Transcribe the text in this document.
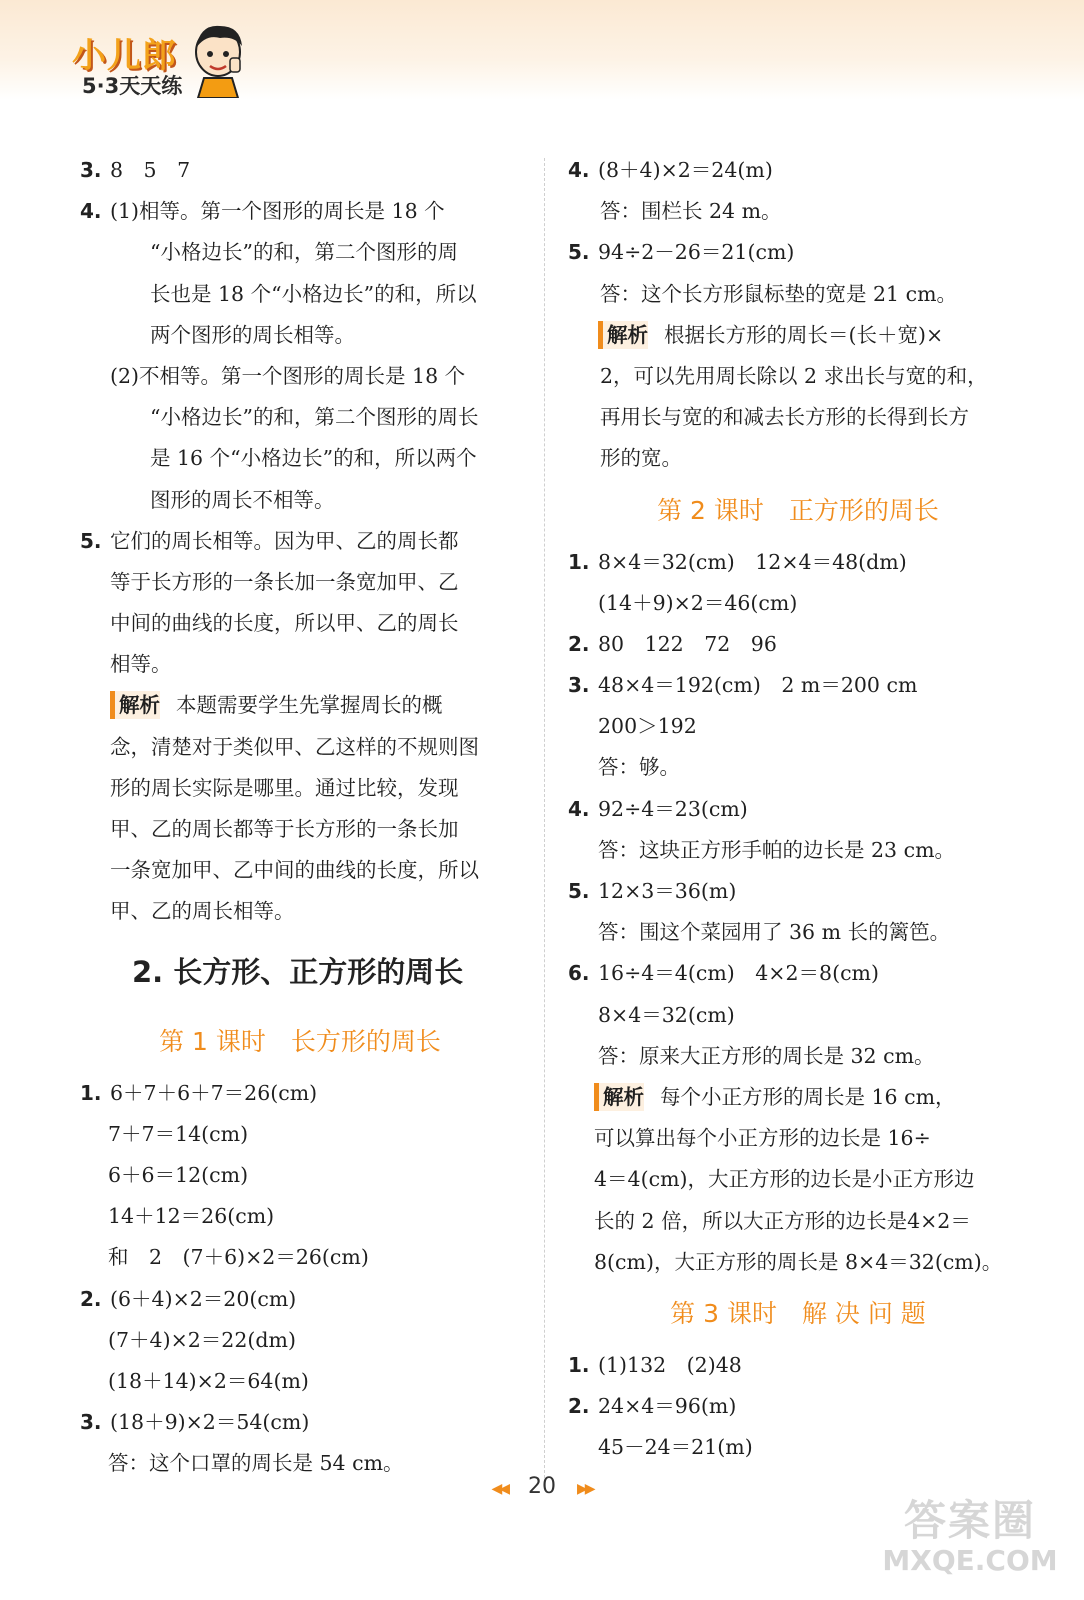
小儿郎
5·3天天练
3. 8　5　7
4. (1)相等。第一个图形的周长是 18 个
“小格边长”的和，第二个图形的周
长也是 18 个“小格边长”的和，所以
两个图形的周长相等。
(2)不相等。第一个图形的周长是 18 个
“小格边长”的和，第二个图形的周长
是 16 个“小格边长”的和，所以两个
图形的周长不相等。
5. 它们的周长相等。因为甲、乙的周长都
等于长方形的一条长加一条宽加甲、乙
中间的曲线的长度，所以甲、乙的周长
相等。
解析 本题需要学生先掌握周长的概
念，清楚对于类似甲、乙这样的不规则图
形的周长实际是哪里。通过比较，发现
甲、乙的周长都等于长方形的一条长加
一条宽加甲、乙中间的曲线的长度，所以
甲、乙的周长相等。
2. 长方形、正方形的周长
第 1 课时　长方形的周长
1. 6＋7＋6＋7＝26(cm)
7＋7＝14(cm)
6＋6＝12(cm)
14＋12＝26(cm)
和　2　(7＋6)×2＝26(cm)
2. (6＋4)×2＝20(cm)
(7＋4)×2＝22(dm)
(18＋14)×2＝64(m)
3. (18＋9)×2＝54(cm)
答：这个口罩的周长是 54 cm。
4. (8＋4)×2＝24(m)
答：围栏长 24 m。
5. 94÷2－26＝21(cm)
答：这个长方形鼠标垫的宽是 21 cm。
解析 根据长方形的周长＝(长＋宽)×
2，可以先用周长除以 2 求出长与宽的和，
再用长与宽的和减去长方形的长得到长方
形的宽。
第 2 课时　正方形的周长
1. 8×4＝32(cm)　12×4＝48(dm)
(14＋9)×2＝46(cm)
2. 80　122　72　96
3. 48×4＝192(cm)　2 m＝200 cm
200＞192
答：够。
4. 92÷4＝23(cm)
答：这块正方形手帕的边长是 23 cm。
5. 12×3＝36(m)
答：围这个菜园用了 36 m 长的篱笆。
6. 16÷4＝4(cm)　4×2＝8(cm)
8×4＝32(cm)
答：原来大正方形的周长是 32 cm。
解析 每个小正方形的周长是 16 cm，
可以算出每个小正方形的边长是 16÷
4＝4(cm)，大正方形的边长是小正方形边
长的 2 倍，所以大正方形的边长是4×2＝
8(cm)，大正方形的周长是 8×4＝32(cm)。
第 3 课时　解 决 问 题
1. (1)132　(2)48
2. 24×4＝96(m)
45－24＝21(m)
◀◀ 20 ▶▶
答案圈
MXQE.COM
